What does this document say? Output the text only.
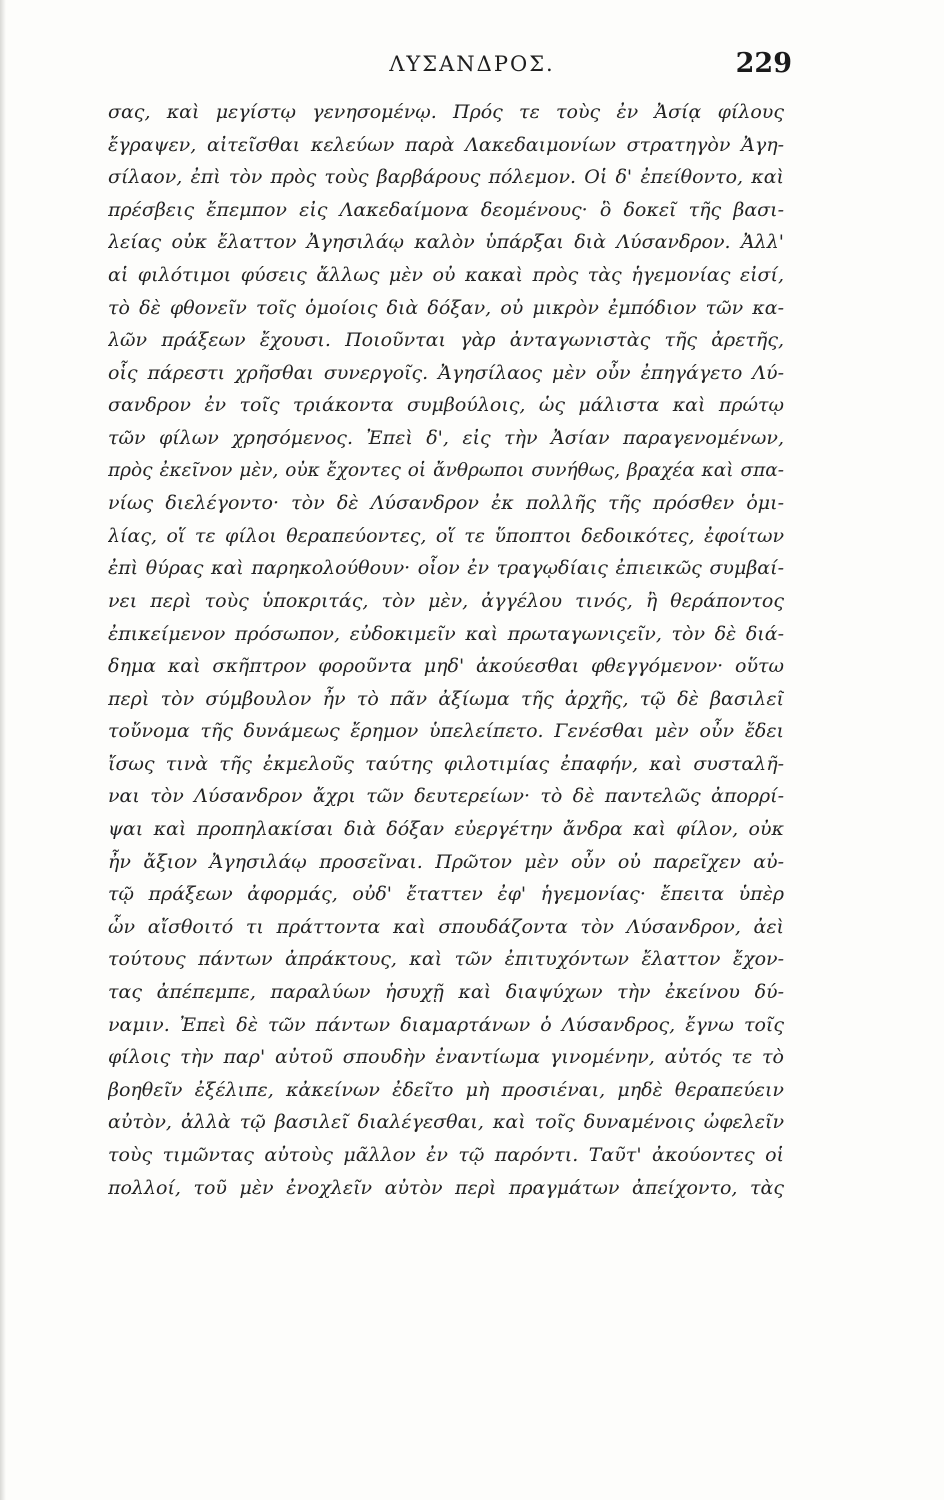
ΛΥΣΑΝΔΡΟΣ.	229
σας, καὶ μεγίστῳ γενησομένῳ. Πρός τε τοὺς ἐν Ἀσίᾳ φίλους
ἔγραψεν, αἰτεῖσθαι κελεύων παρὰ Λακεδαιμονίων στρατηγὸν Ἀγη-
σίλαον, ἐπὶ τὸν πρὸς τοὺς βαρβάρους πόλεμον. Οἱ δ' ἐπείθοντο, καὶ
πρέσβεις ἔπεμπον εἰς Λακεδαίμονα δεομένους· ὃ δοκεῖ τῆς βασι-
λείας οὐκ ἔλαττον Ἀγησιλάῳ καλὸν ὑπάρξαι διὰ Λύσανδρον. Ἀλλ'
αἱ φιλότιμοι φύσεις ἄλλως μὲν οὐ κακαὶ πρὸς τὰς ἡγεμονίας εἰσί,
τὸ δὲ φθονεῖν τοῖς ὁμοίοις διὰ δόξαν, οὐ μικρὸν ἐμπόδιον τῶν κα-
λῶν πράξεων ἔχουσι. Ποιοῦνται γὰρ ἀνταγωνιστὰς τῆς ἀρετῆς,
οἷς πάρεστι χρῆσθαι συνεργοῖς. Ἀγησίλαος μὲν οὖν ἐπηγάγετο Λύ-
σανδρον ἐν τοῖς τριάκοντα συμβούλοις, ὡς μάλιστα καὶ πρώτῳ
τῶν φίλων χρησόμενος. Ἐπεὶ δ', εἰς τὴν Ἀσίαν παραγενομένων,
πρὸς ἐκεῖνον μὲν, οὐκ ἔχοντες οἱ ἄνθρωποι συνήθως, βραχέα καὶ σπα-
νίως διελέγοντο· τὸν δὲ Λύσανδρον ἐκ πολλῆς τῆς πρόσθεν ὁμι-
λίας, οἵ τε φίλοι θεραπεύοντες, οἵ τε ὕποπτοι δεδοικότες, ἐφοίτων
ἐπὶ θύρας καὶ παρηκολούθουν· οἷον ἐν τραγῳδίαις ἐπιεικῶς συμβαί-
νει περὶ τοὺς ὑποκριτάς, τὸν μὲν, ἀγγέλου τινός, ἢ θεράποντος
ἐπικείμενον πρόσωπον, εὐδοκιμεῖν καὶ πρωταγωνιςεῖν, τὸν δὲ διά-
δημα καὶ σκῆπτρον φοροῦντα μηδ' ἀκούεσθαι φθεγγόμενον· οὕτω
περὶ τὸν σύμβουλον ἦν τὸ πᾶν ἀξίωμα τῆς ἀρχῆς, τῷ δὲ βασιλεῖ
τοὔνομα τῆς δυνάμεως ἔρημον ὑπελείπετο. Γενέσθαι μὲν οὖν ἔδει
ἴσως τινὰ τῆς ἐκμελοῦς ταύτης φιλοτιμίας ἐπαφήν, καὶ συσταλῆ-
ναι τὸν Λύσανδρον ἄχρι τῶν δευτερείων· τὸ δὲ παντελῶς ἀπορρί-
ψαι καὶ προπηλακίσαι διὰ δόξαν εὐεργέτην ἄνδρα καὶ φίλον, οὐκ
ἦν ἄξιον Ἀγησιλάῳ προσεῖναι. Πρῶτον μὲν οὖν οὐ παρεῖχεν αὐ-
τῷ πράξεων ἀφορμάς, οὐδ' ἔταττεν ἐφ' ἡγεμονίας· ἔπειτα ὑπὲρ
ὧν αἴσθοιτό τι πράττοντα καὶ σπουδάζοντα τὸν Λύσανδρον, ἀεὶ
τούτους πάντων ἀπράκτους, καὶ τῶν ἐπιτυχόντων ἔλαττον ἔχον-
τας ἀπέπεμπε, παραλύων ἡσυχῇ καὶ διαψύχων τὴν ἐκείνου δύ-
ναμιν. Ἐπεὶ δὲ τῶν πάντων διαμαρτάνων ὁ Λύσανδρος, ἔγνω τοῖς
φίλοις τὴν παρ' αὐτοῦ σπουδὴν ἐναντίωμα γινομένην, αὐτός τε τὸ
βοηθεῖν ἐξέλιπε, κἀκείνων ἐδεῖτο μὴ προσιέναι, μηδὲ θεραπεύειν
αὐτὸν, ἀλλὰ τῷ βασιλεῖ διαλέγεσθαι, καὶ τοῖς δυναμένοις ὠφελεῖν
τοὺς τιμῶντας αὐτοὺς μᾶλλον ἐν τῷ παρόντι. Ταῦτ' ἀκούοντες οἱ
πολλοί, τοῦ μὲν ἐνοχλεῖν αὐτὸν περὶ πραγμάτων ἀπείχοντο, τὰς
